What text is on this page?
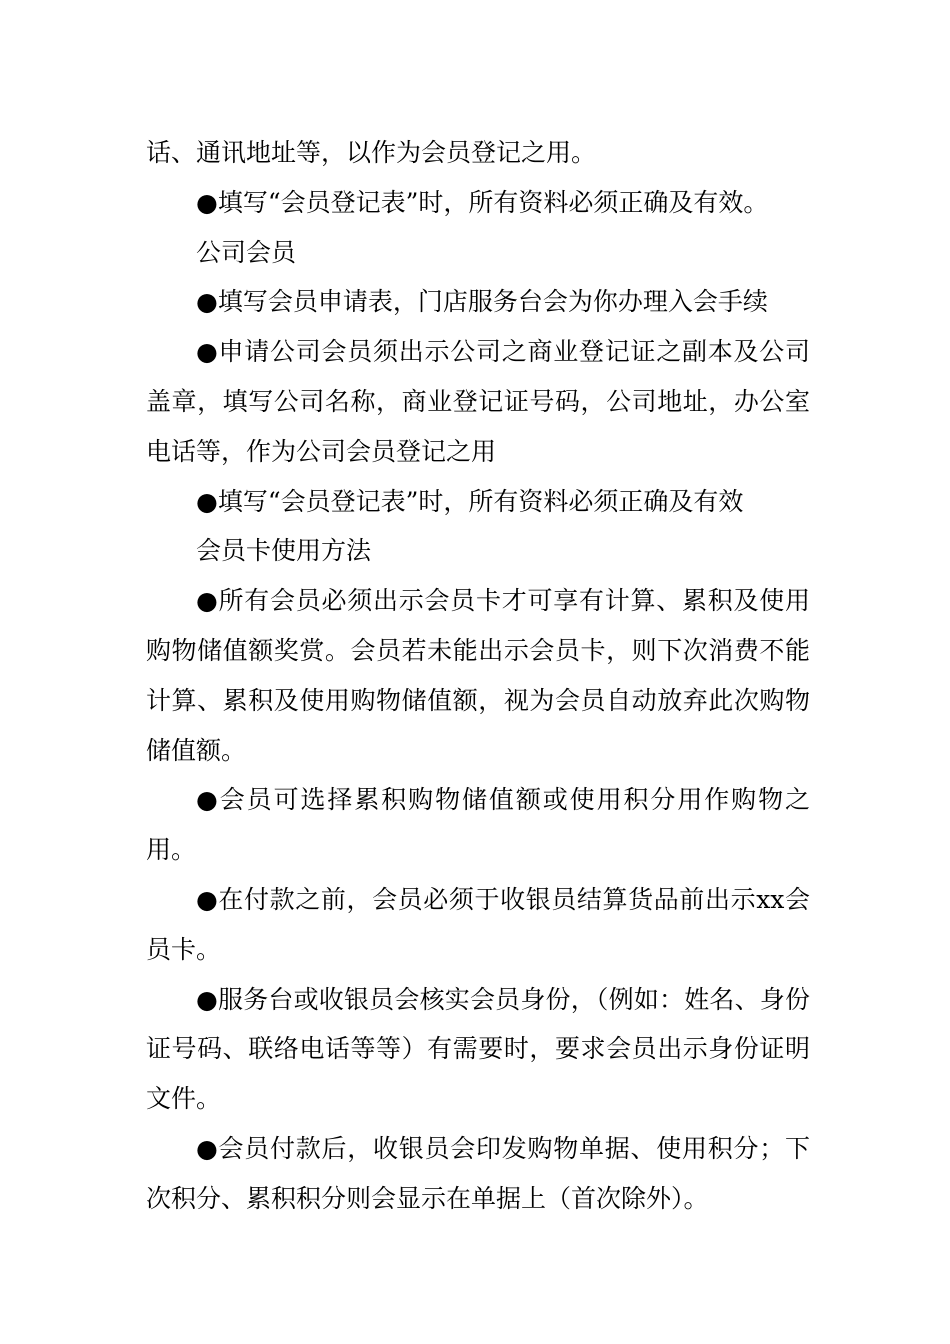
话、通讯地址等，以作为会员登记之用。

●填写“会员登记表”时，所有资料必须正确及有效。

公司会员

●填写会员申请表，门店服务台会为你办理入会手续

●申请公司会员须出示公司之商业登记证之副本及公司盖章，填写公司名称，商业登记证号码，公司地址，办公室电话等，作为公司会员登记之用

●填写“会员登记表”时，所有资料必须正确及有效

会员卡使用方法

●所有会员必须出示会员卡才可享有计算、累积及使用购物储值额奖赏。会员若未能出示会员卡，则下次消费不能计算、累积及使用购物储值额，视为会员自动放弃此次购物储值额。

●会员可选择累积购物储值额或使用积分用作购物之用。

●在付款之前，会员必须于收银员结算货品前出示xx会员卡。

●服务台或收银员会核实会员身份，（例如：姓名、身份证号码、联络电话等等）有需要时，要求会员出示身份证明文件。

●会员付款后，收银员会印发购物单据、使用积分；下次积分、累积积分则会显示在单据上（首次除外）。
